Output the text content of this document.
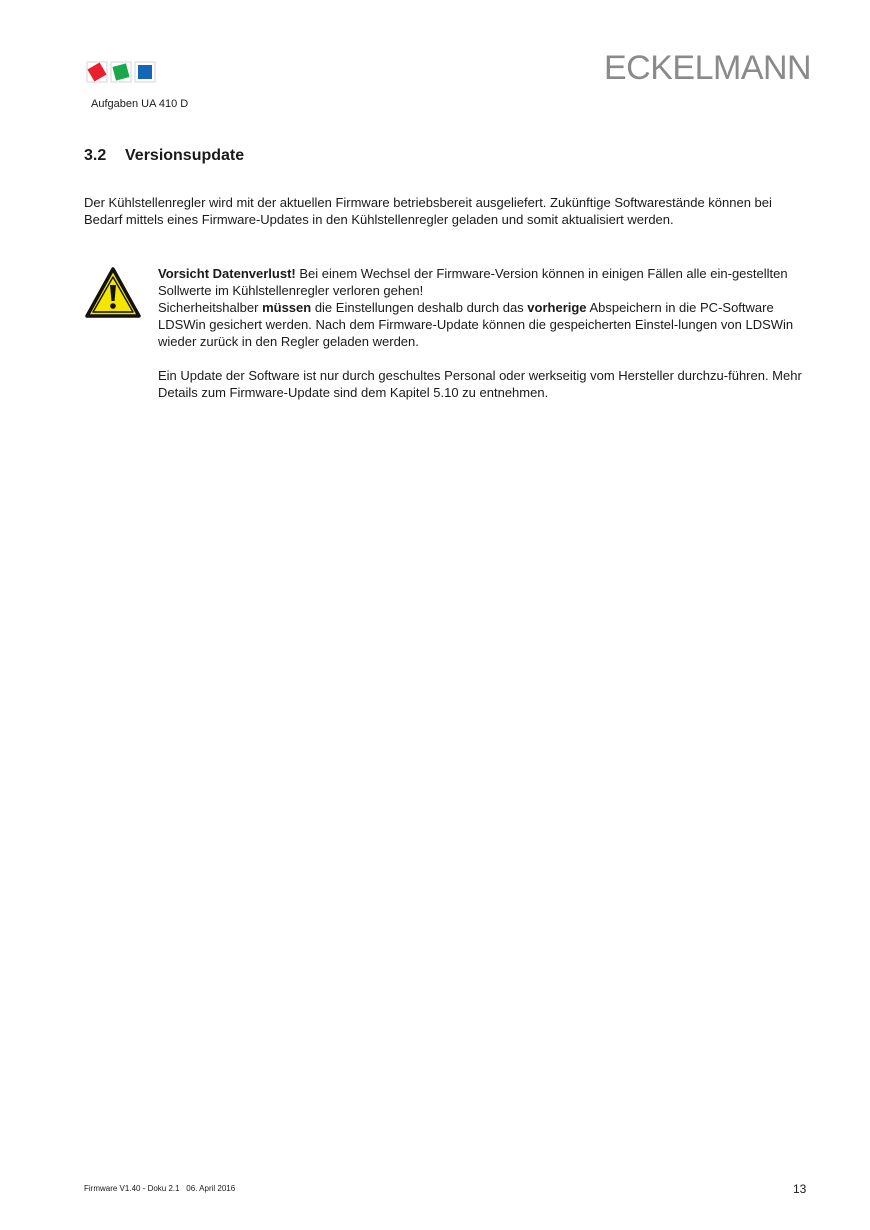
Aufgaben UA 410 D
ECKELMANN
3.2 Versionsupdate

Der Kühlstellenregler wird mit der aktuellen Firmware betriebsbereit ausgeliefert. Zukünftige Softwarestände können bei Bedarf mittels eines Firmware-Updates in den Kühlstellenregler geladen und somit aktualisiert werden.

Vorsicht Datenverlust! Bei einem Wechsel der Firmware-Version können in einigen Fällen alle ein-gestellten Sollwerte im Kühlstellenregler verloren gehen!

Sicherheitshalber müssen die Einstellungen deshalb durch das vorherige Abspeichern in die PC-Software LDSWin gesichert werden. Nach dem Firmware-Update können die gespeicherten Einstel-lungen von LDSWin wieder zurück in den Regler geladen werden.

Ein Update der Software ist nur durch geschultes Personal oder werkseitig vom Hersteller durchzu-führen. Mehr Details zum Firmware-Update sind dem Kapitel 5.10 zu entnehmen.

Firmware V1.40 - Doku 2.1   06. April 2016	13
